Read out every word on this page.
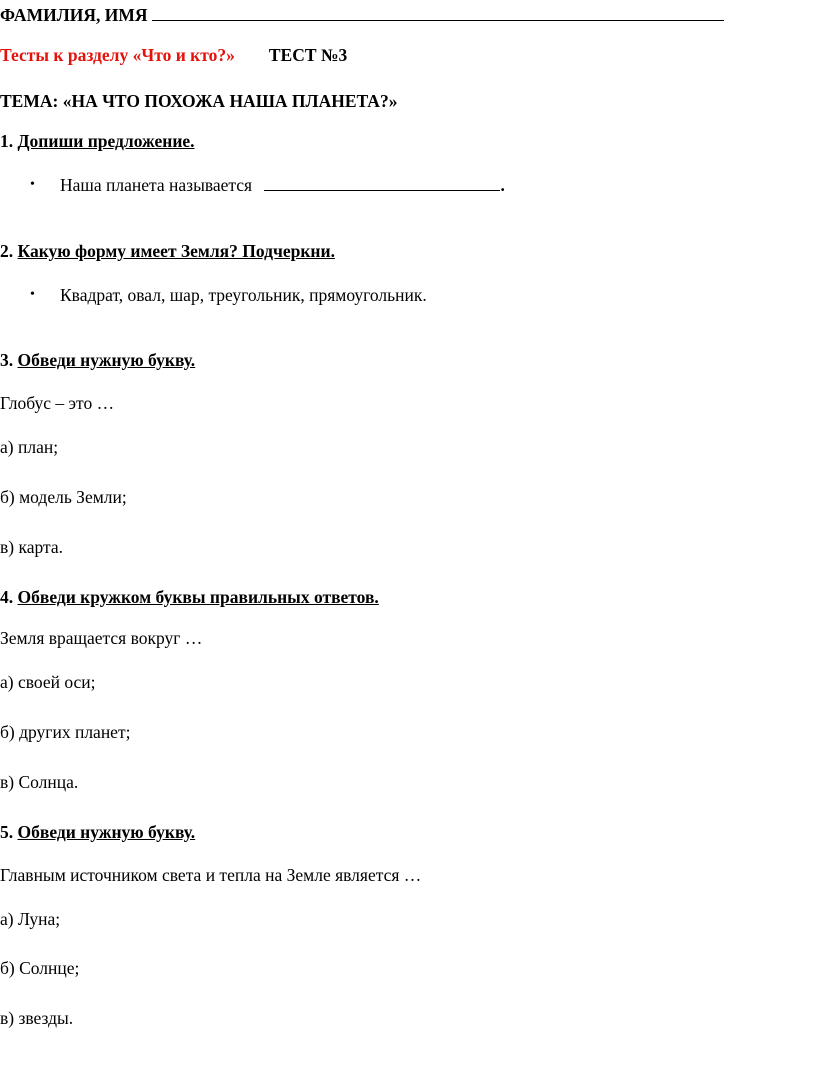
ФАМИЛИЯ, ИМЯ
Тесты к разделу «Что и кто?» ТЕСТ №3
ТЕМА: «НА ЧТО ПОХОЖА НАША ПЛАНЕТА?»
1. Допиши предложение.
• Наша планета называется	.
2. Какую форму имеет Земля? Подчеркни.
• Квадрат, овал, шар, треугольник, прямоугольник.
3. Обведи нужную букву.
Глобус – это …
а) план;
б) модель Земли;
в) карта.
4. Обведи кружком буквы правильных ответов.
Земля вращается вокруг …
а) своей оси;
б) других планет;
в) Солнца.
5. Обведи нужную букву.
Главным источником света и тепла на Земле является …
а) Луна;
б) Солнце;
в) звезды.
